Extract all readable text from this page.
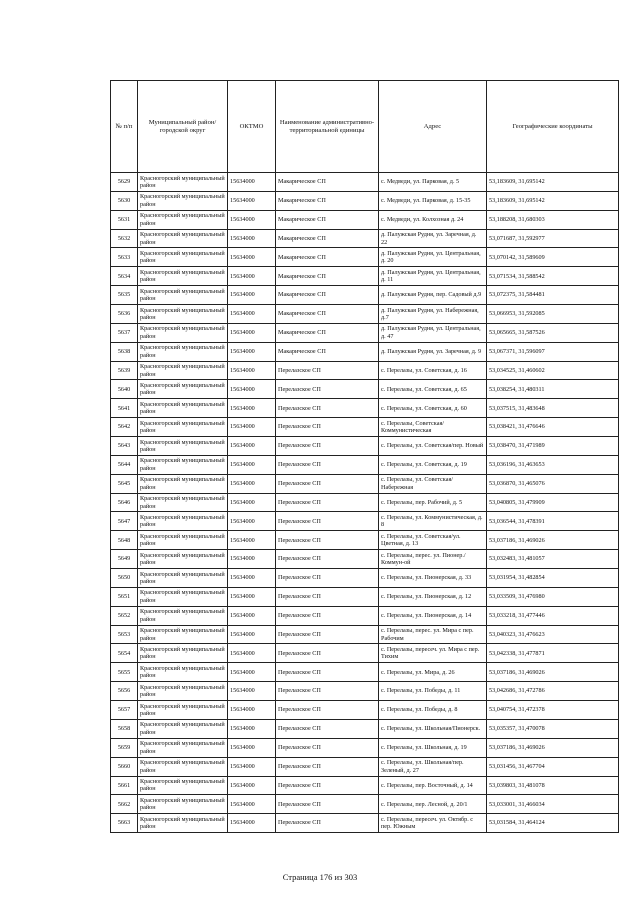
№ п/п	Муниципальный район/городской округ	ОКТМО	Наименование административно-территориальной единицы	Адрес	Географические координаты
5629	Красногорский муниципальный район	15634000	Макарическое СП	с. Медведи, ул. Парковая, д. 5	53,183609, 31,695142
5630	Красногорский муниципальный район	15634000	Макарическое СП	с. Медведи, ул. Парковая, д. 15-35	53,183609, 31,695142
5631	Красногорский муниципальный район	15634000	Макарическое СП	с. Медведи, ул. Колхозная д. 24	53,188208, 31,680303
5632	Красногорский муниципальный район	15634000	Макарическое СП	д. Палужская Рудня, ул. Заречная, д. 22	53,071687, 31,592977
5633	Красногорский муниципальный район	15634000	Макарическое СП	д. Палужская Рудня, ул. Центральная, д. 20	53,070142, 31,589609
5634	Красногорский муниципальный район	15634000	Макарическое СП	д. Палужская Рудня, ул. Центральная, д. 11	53,071534, 31,588542
5635	Красногорский муниципальный район	15634000	Макарическое СП	д. Палужская Рудня, пер. Садовый д.9	53,072375, 31,584481
5636	Красногорский муниципальный район	15634000	Макарическое СП	д. Палужская Рудня, ул. Набережная, д.7	53,066953, 31,592085
5637	Красногорский муниципальный район	15634000	Макарическое СП	д. Палужская Рудня, ул. Центральная, д. 47	53,065665, 31,587526
5638	Красногорский муниципальный район	15634000	Макарическое СП	д. Палужская Рудня, ул. Заречная, д. 9	53,067371, 31,596097
5639	Красногорский муниципальный район	15634000	Перелазское СП	с. Перелазы, ул. Советская, д. 16	53,034525, 31,460602
5640	Красногорский муниципальный район	15634000	Перелазское СП	с. Перелазы, ул. Советская, д. 65	53,038254, 31,480311
5641	Красногорский муниципальный район	15634000	Перелазское СП	с. Перелазы, ул. Советская, д. 60	53,037515, 31,483648
5642	Красногорский муниципальный район	15634000	Перелазское СП	с. Перелазы, Советская/Коммунистическая	53,038421, 31,476646
5643	Красногорский муниципальный район	15634000	Перелазское СП	с. Перелазы, ул. Советская/пер. Новый	53,038470, 31,471989
5644	Красногорский муниципальный район	15634000	Перелазское СП	с. Перелазы, ул. Советская, д. 19	53,036196, 31,463653
5645	Красногорский муниципальный район	15634000	Перелазское СП	с. Перелазы, ул. Советская/Набережная	53,036870, 31,465076
5646	Красногорский муниципальный район	15634000	Перелазское СП	с. Перелазы, пер. Рабочий, д. 5	53,040805, 31,479909
5647	Красногорский муниципальный район	15634000	Перелазское СП	с. Перелазы, ул. Коммунистическая, д. 8	53,036544, 31,478391
5648	Красногорский муниципальный район	15634000	Перелазское СП	с. Перелазы, ул. Советская/ул. Цветная, д. 13	53,037186, 31,469026
5649	Красногорский муниципальный район	15634000	Перелазское СП	с. Перелазы, перес. ул. Пионер./Коммун-ой	53,032483, 31,481057
5650	Красногорский муниципальный район	15634000	Перелазское СП	с. Перелазы, ул. Пионерская, д. 33	53,031954, 31,482854
5651	Красногорский муниципальный район	15634000	Перелазское СП	с. Перелазы, ул. Пионерская, д. 12	53,033509, 31,476980
5652	Красногорский муниципальный район	15634000	Перелазское СП	с. Перелазы, ул. Пионерская, д. 14	53,033218, 31,477446
5653	Красногорский муниципальный район	15634000	Перелазское СП	с. Перелазы, перес. ул. Мира с пер. Рабочим	53,040323, 31,476623
5654	Красногорский муниципальный район	15634000	Перелазское СП	с. Перелазы, пересеч. ул. Мира с пер. Тихим	53,042338, 31,477871
5655	Красногорский муниципальный район	15634000	Перелазское СП	с. Перелазы, ул. Мира, д. 26	53,037186, 31,469026
5656	Красногорский муниципальный район	15634000	Перелазское СП	с. Перелазы, ул. Победы, д. 11	53,042686, 31,472786
5657	Красногорский муниципальный район	15634000	Перелазское СП	с. Перелазы, ул. Победы, д. 8	53,040754, 31,472378
5658	Красногорский муниципальный район	15634000	Перелазское СП	с. Перелазы, ул. Школьная/Пионерск.	53,035357, 31,470078
5659	Красногорский муниципальный район	15634000	Перелазское СП	с. Перелазы, ул. Школьная, д. 19	53,037186, 31,469026
5660	Красногорский муниципальный район	15634000	Перелазское СП	с. Перелазы, ул. Школьная/пер. Зеленый, д. 27	53,031456, 31,467704
5661	Красногорский муниципальный район	15634000	Перелазское СП	с. Перелазы, пер. Восточный, д. 14	53,039803, 31,481078
5662	Красногорский муниципальный район	15634000	Перелазское СП	с. Перелазы, пер. Лесной, д. 20/1	53,033001, 31,466034
5663	Красногорский муниципальный район	15634000	Перелазское СП	с. Перелазы, пересеч. ул. Октябр. с пер. Южным	53,031584, 31,464124
Страница 176 из 303
